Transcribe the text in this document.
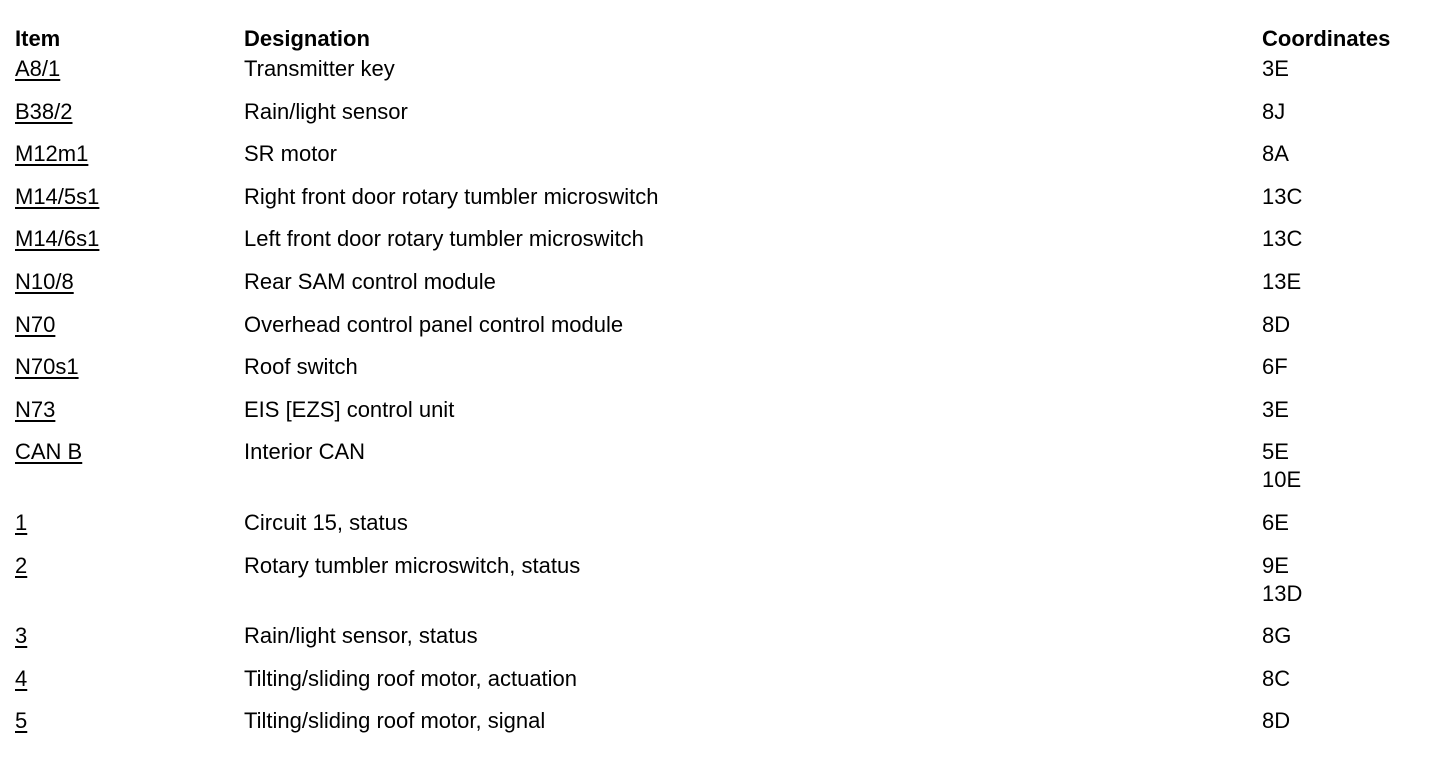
Item	Designation	Coordinates
A8/1	Transmitter key	3E

B38/2	Rain/light sensor	8J

M12m1	SR motor	8A

M14/5s1	Right front door rotary tumbler microswitch	13C

M14/6s1	Left front door rotary tumbler microswitch	13C

N10/8	Rear SAM control module	13E

N70	Overhead control panel control module	8D

N70s1	Roof switch	6F

N73	EIS [EZS] control unit	3E

CAN B	Interior CAN	5E
10E

1	Circuit 15, status	6E

2	Rotary tumbler microswitch, status	9E
13D

3	Rain/light sensor, status	8G

4	Tilting/sliding roof motor, actuation	8C

5	Tilting/sliding roof motor, signal	8D
